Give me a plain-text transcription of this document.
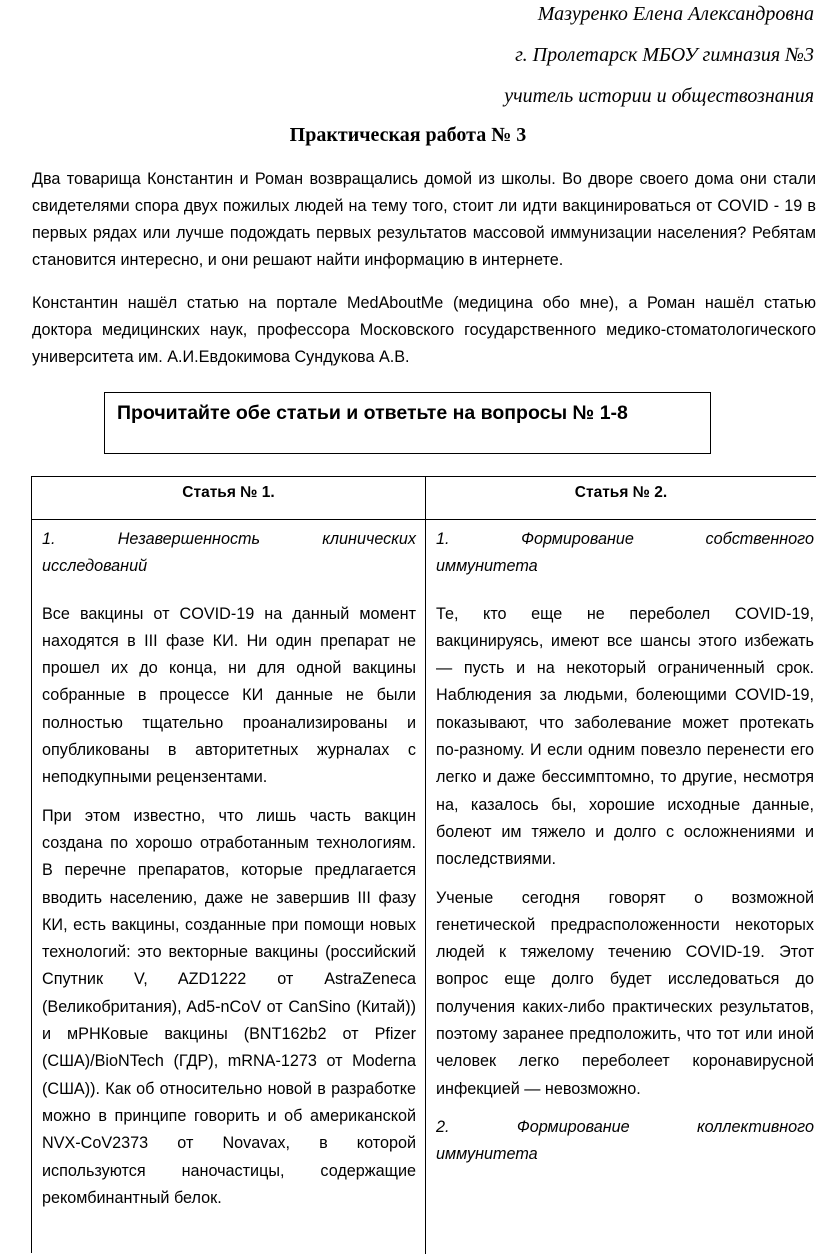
Мазуренко Елена Александровна
г. Пролетарск МБОУ гимназия №3
учитель истории и обществознания
Практическая работа № 3

Два товарища Константин и Роман возвращались домой из школы. Во дворе своего дома они стали свидетелями спора двух пожилых людей на тему того, стоит ли идти вакцинироваться от COVID - 19 в первых рядах или лучше подождать первых результатов массовой иммунизации населения? Ребятам становится интересно, и они решают найти информацию в интернете.

Константин нашёл статью на портале MedAboutMe (медицина обо мне), а Роман нашёл статью доктора медицинских наук, профессора Московского государственного медико-стоматологического университета им. А.И.Евдокимова Сундукова А.В.

Прочитайте обе статьи и ответьте на вопросы № 1-8
Статья № 1.	Статья № 2.

1. Незавершенность клинических
исследований

Все вакцины от COVID-19 на данный момент находятся в III фазе КИ. Ни один препарат не прошел их до конца, ни для одной вакцины собранные в процессе КИ данные не были полностью тщательно проанализированы и опубликованы в авторитетных журналах с неподкупными рецензентами.

При этом известно, что лишь часть вакцин создана по хорошо отработанным технологиям. В перечне препаратов, которые предлагается вводить населению, даже не завершив III фазу КИ, есть вакцины, созданные при помощи новых технологий: это векторные вакцины (российский Спутник V, AZD1222 от AstraZeneca (Великобритания), Ad5-nCoV от CanSino (Китай)) и мРНКовые вакцины (BNT162b2 от Pfizer (США)/BioNTech (ГДР), mRNA-1273 от Moderna (США)). Как об относительно новой в разработке можно в принципе говорить и об американской NVX-CoV2373 от Novavax, в которой используются наночастицы, содержащие рекомбинантный белок.

1. Формирование собственного
иммунитета

Те, кто еще не переболел COVID-19, вакцинируясь, имеют все шансы этого избежать — пусть и на некоторый ограниченный срок. Наблюдения за людьми, болеющими COVID-19, показывают, что заболевание может протекать по-разному. И если одним повезло перенести его легко и даже бессимптомно, то другие, несмотря на, казалось бы, хорошие исходные данные, болеют им тяжело и долго с осложнениями и последствиями.

Ученые сегодня говорят о возможной генетической предрасположенности некоторых людей к тяжелому течению COVID-19. Этот вопрос еще долго будет исследоваться до получения каких-либо практических результатов, поэтому заранее предположить, что тот или иной человек легко переболеет коронавирусной инфекцией — невозможно.

2. Формирование коллективного
иммунитета
